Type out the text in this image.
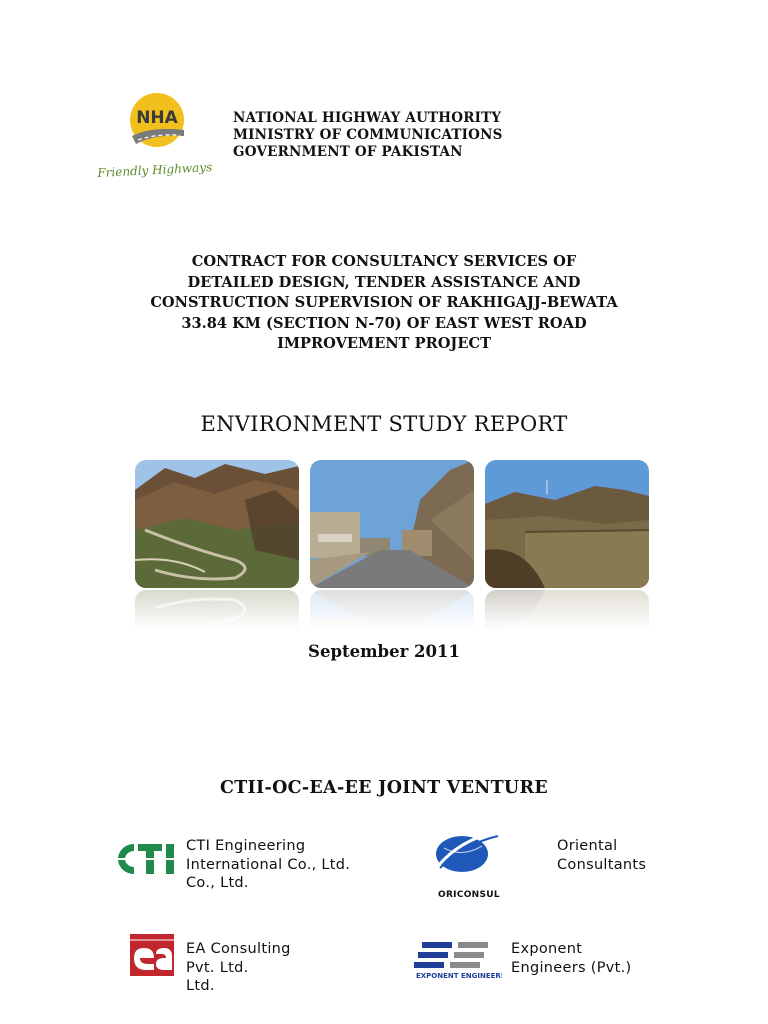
NHA
Friendly Highways
NATIONAL HIGHWAY AUTHORITY
MINISTRY OF COMMUNICATIONS
GOVERNMENT OF PAKISTAN
CONTRACT FOR CONSULTANCY SERVICES OF
DETAILED DESIGN, TENDER ASSISTANCE AND
CONSTRUCTION SUPERVISION OF RAKHIGAJJ-BEWATA
33.84 KM (SECTION N-70) OF EAST WEST ROAD
IMPROVEMENT PROJECT
ENVIRONMENT STUDY REPORT
September 2011
CTII-OC-EA-EE JOINT VENTURE
CTI Engineering
International Co., Ltd.
Co., Ltd.
ORICONSUL
Oriental
Consultants
EA Consulting
Pvt. Ltd.
Ltd.
EXPONENT ENGINEERS
Exponent
Engineers (Pvt.)
